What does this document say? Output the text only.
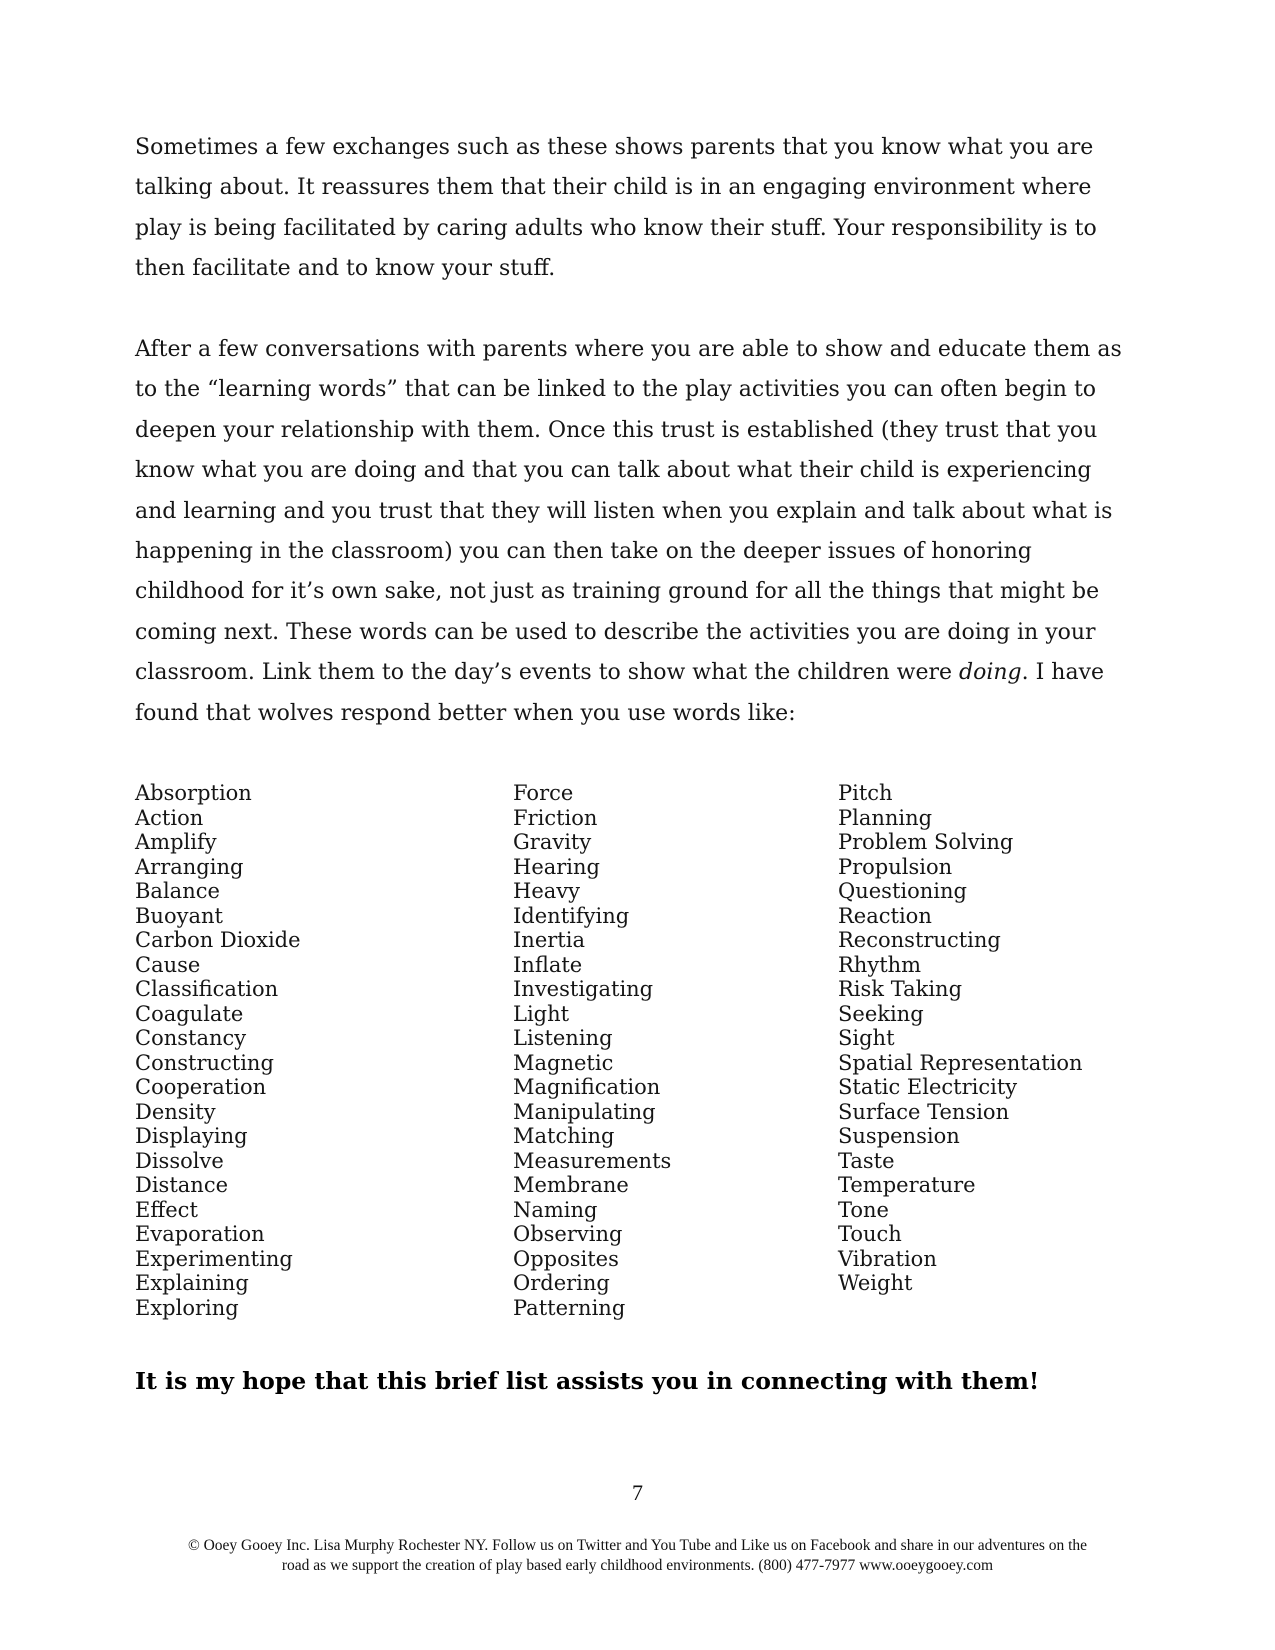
Sometimes a few exchanges such as these shows parents that you know what you are talking about. It reassures them that their child is in an engaging environment where play is being facilitated by caring adults who know their stuff. Your responsibility is to then facilitate and to know your stuff.

After a few conversations with parents where you are able to show and educate them as to the “learning words” that can be linked to the play activities you can often begin to deepen your relationship with them. Once this trust is established (they trust that you know what you are doing and that you can talk about what their child is experiencing and learning and you trust that they will listen when you explain and talk about what is happening in the classroom) you can then take on the deeper issues of honoring childhood for it’s own sake, not just as training ground for all the things that might be coming next. These words can be used to describe the activities you are doing in your classroom. Link them to the day’s events to show what the children were doing. I have found that wolves respond better when you use words like:

Absorption
Action
Amplify
Arranging
Balance
Buoyant
Carbon Dioxide
Cause
Classification
Coagulate
Constancy
Constructing
Cooperation
Density
Displaying
Dissolve
Distance
Effect
Evaporation
Experimenting
Explaining
Exploring
Force
Friction
Gravity
Hearing
Heavy
Identifying
Inertia
Inflate
Investigating
Light
Listening
Magnetic
Magnification
Manipulating
Matching
Measurements
Membrane
Naming
Observing
Opposites
Ordering
Patterning
Pitch
Planning
Problem Solving
Propulsion
Questioning
Reaction
Reconstructing
Rhythm
Risk Taking
Seeking
Sight
Spatial Representation
Static Electricity
Surface Tension
Suspension
Taste
Temperature
Tone
Touch
Vibration
Weight

It is my hope that this brief list assists you in connecting with them!

7
© Ooey Gooey Inc. Lisa Murphy Rochester NY. Follow us on Twitter and You Tube and Like us on Facebook and share in our adventures on the
road as we support the creation of play based early childhood environments. (800) 477-7977 www.ooeygooey.com
